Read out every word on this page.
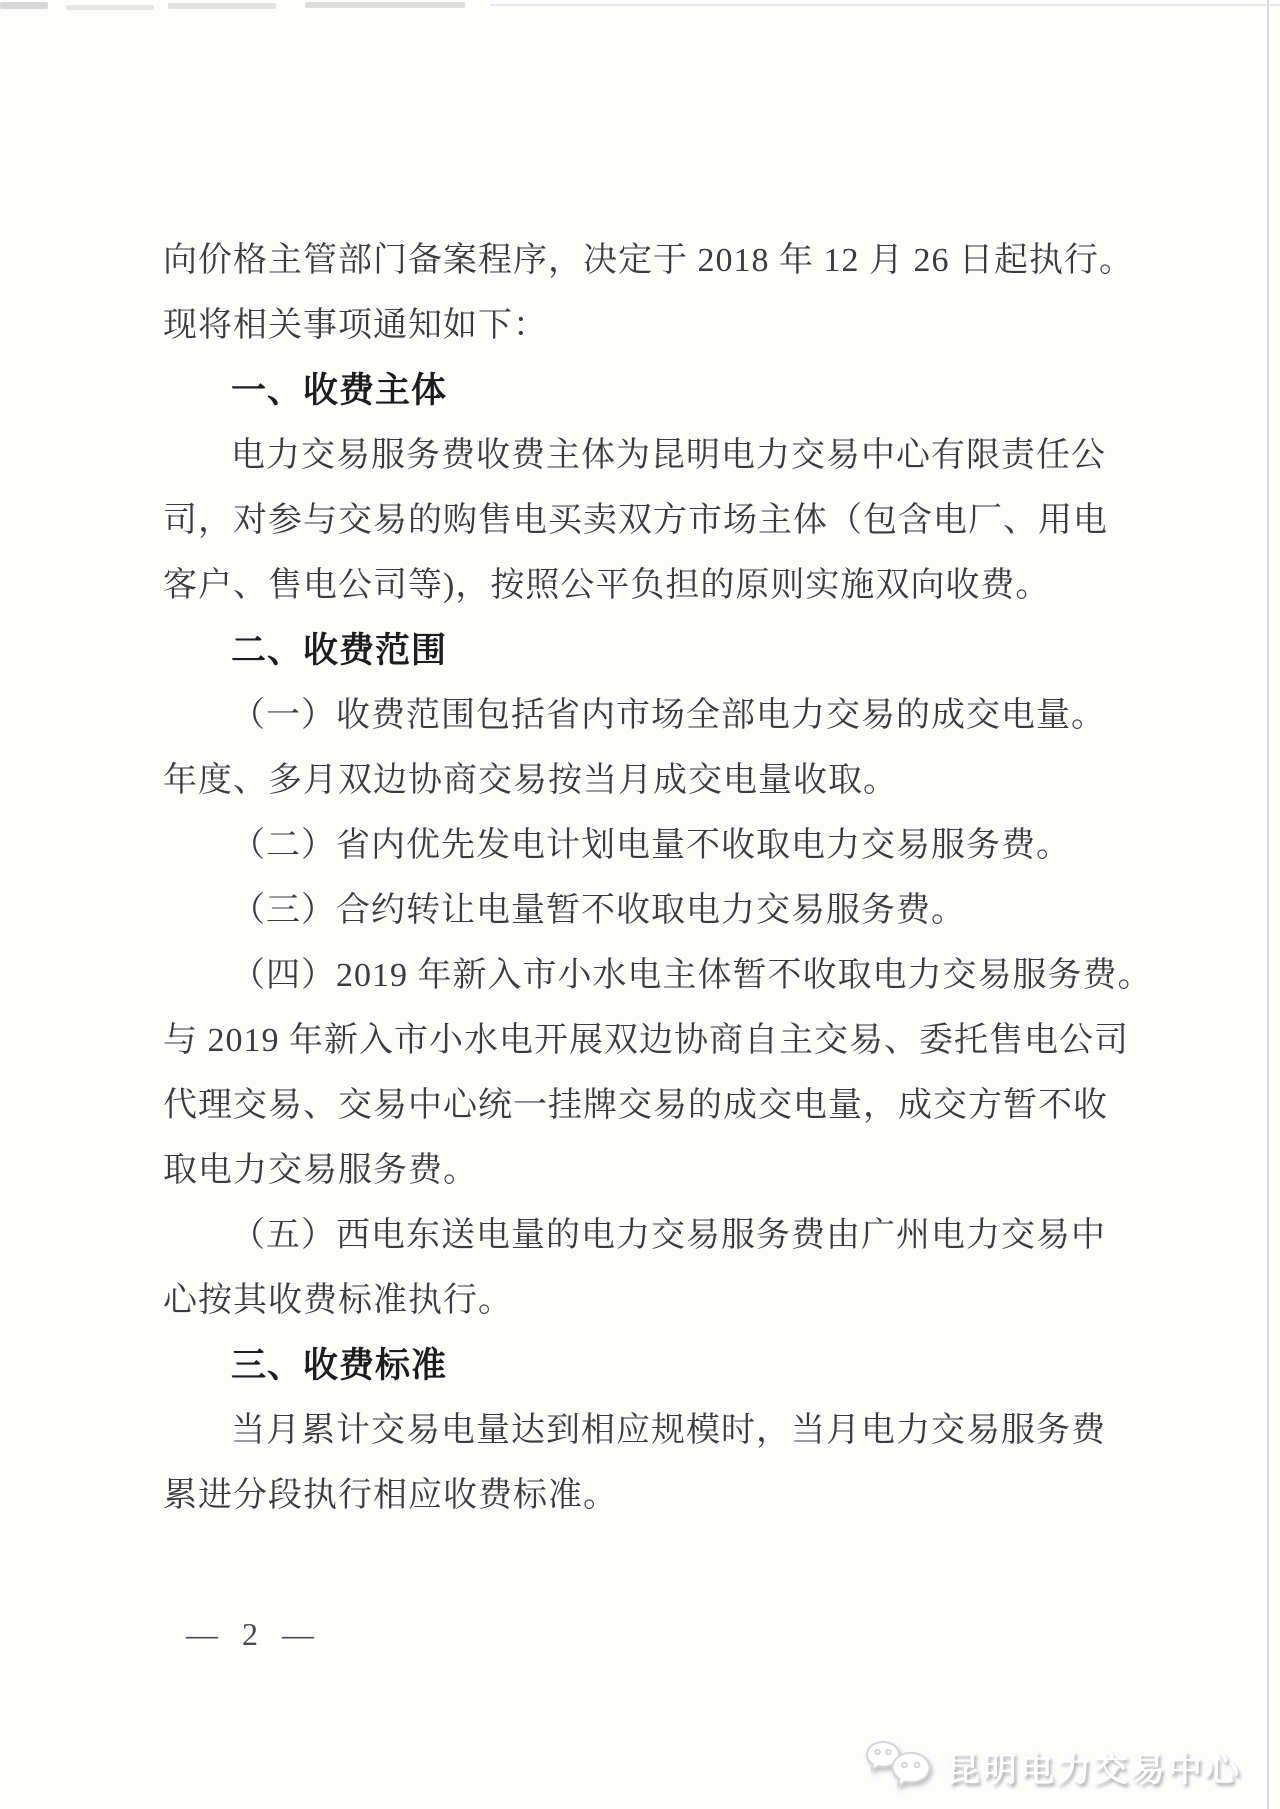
向价格主管部门备案程序，决定于 2018 年 12 月 26 日起执行。
现将相关事项通知如下：
一、收费主体
电力交易服务费收费主体为昆明电力交易中心有限责任公
司，对参与交易的购售电买卖双方市场主体（包含电厂、用电
客户、售电公司等)，按照公平负担的原则实施双向收费。
二、收费范围
（一）收费范围包括省内市场全部电力交易的成交电量。
年度、多月双边协商交易按当月成交电量收取。
（二）省内优先发电计划电量不收取电力交易服务费。
（三）合约转让电量暂不收取电力交易服务费。
（四）2019 年新入市小水电主体暂不收取电力交易服务费。
与 2019 年新入市小水电开展双边协商自主交易、委托售电公司
代理交易、交易中心统一挂牌交易的成交电量，成交方暂不收
取电力交易服务费。
（五）西电东送电量的电力交易服务费由广州电力交易中
心按其收费标准执行。
三、收费标准
当月累计交易电量达到相应规模时，当月电力交易服务费
累进分段执行相应收费标准。
— 2 —
昆明电力交易中心
